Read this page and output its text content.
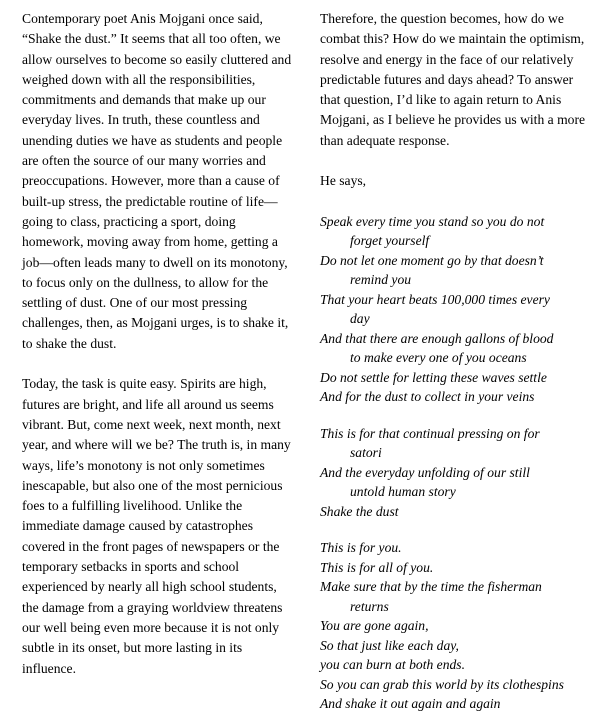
Contemporary poet Anis Mojgani once said, “Shake the dust.” It seems that all too often, we allow ourselves to become so easily cluttered and weighed down with all the responsibilities, commitments and demands that make up our everyday lives. In truth, these countless and unending duties we have as students and people are often the source of our many worries and preoccupations. However, more than a cause of built-up stress, the predictable routine of life—going to class, practicing a sport, doing homework, moving away from home, getting a job—often leads many to dwell on its monotony, to focus only on the dullness, to allow for the settling of dust. One of our most pressing challenges, then, as Mojgani urges, is to shake it, to shake the dust.

Today, the task is quite easy. Spirits are high, futures are bright, and life all around us seems vibrant. But, come next week, next month, next year, and where will we be? The truth is, in many ways, life’s monotony is not only sometimes inescapable, but also one of the most pernicious foes to a fulfilling livelihood. Unlike the immediate damage caused by catastrophes covered in the front pages of newspapers or the temporary setbacks in sports and school experienced by nearly all high school students, the damage from a graying worldview threatens our well being even more because it is not only subtle in its onset, but more lasting in its influence.

Therefore, the question becomes, how do we combat this? How do we maintain the optimism, resolve and energy in the face of our relatively predictable futures and days ahead? To answer that question, I’d like to again return to Anis Mojgani, as I believe he provides us with a more than adequate response.

He says,

Speak every time you stand so you do not
forget yourself
Do not let one moment go by that doesn’t
remind you
That your heart beats 100,000 times every
day
And that there are enough gallons of blood
to make every one of you oceans
Do not settle for letting these waves settle
And for the dust to collect in your veins
This is for that continual pressing on for
satori
And the everyday unfolding of our still
untold human story
Shake the dust
This is for you.
This is for all of you.
Make sure that by the time the fisherman
returns
You are gone again,
So that just like each day,
you can burn at both ends.
So you can grab this world by its clothespins
And shake it out again and again
